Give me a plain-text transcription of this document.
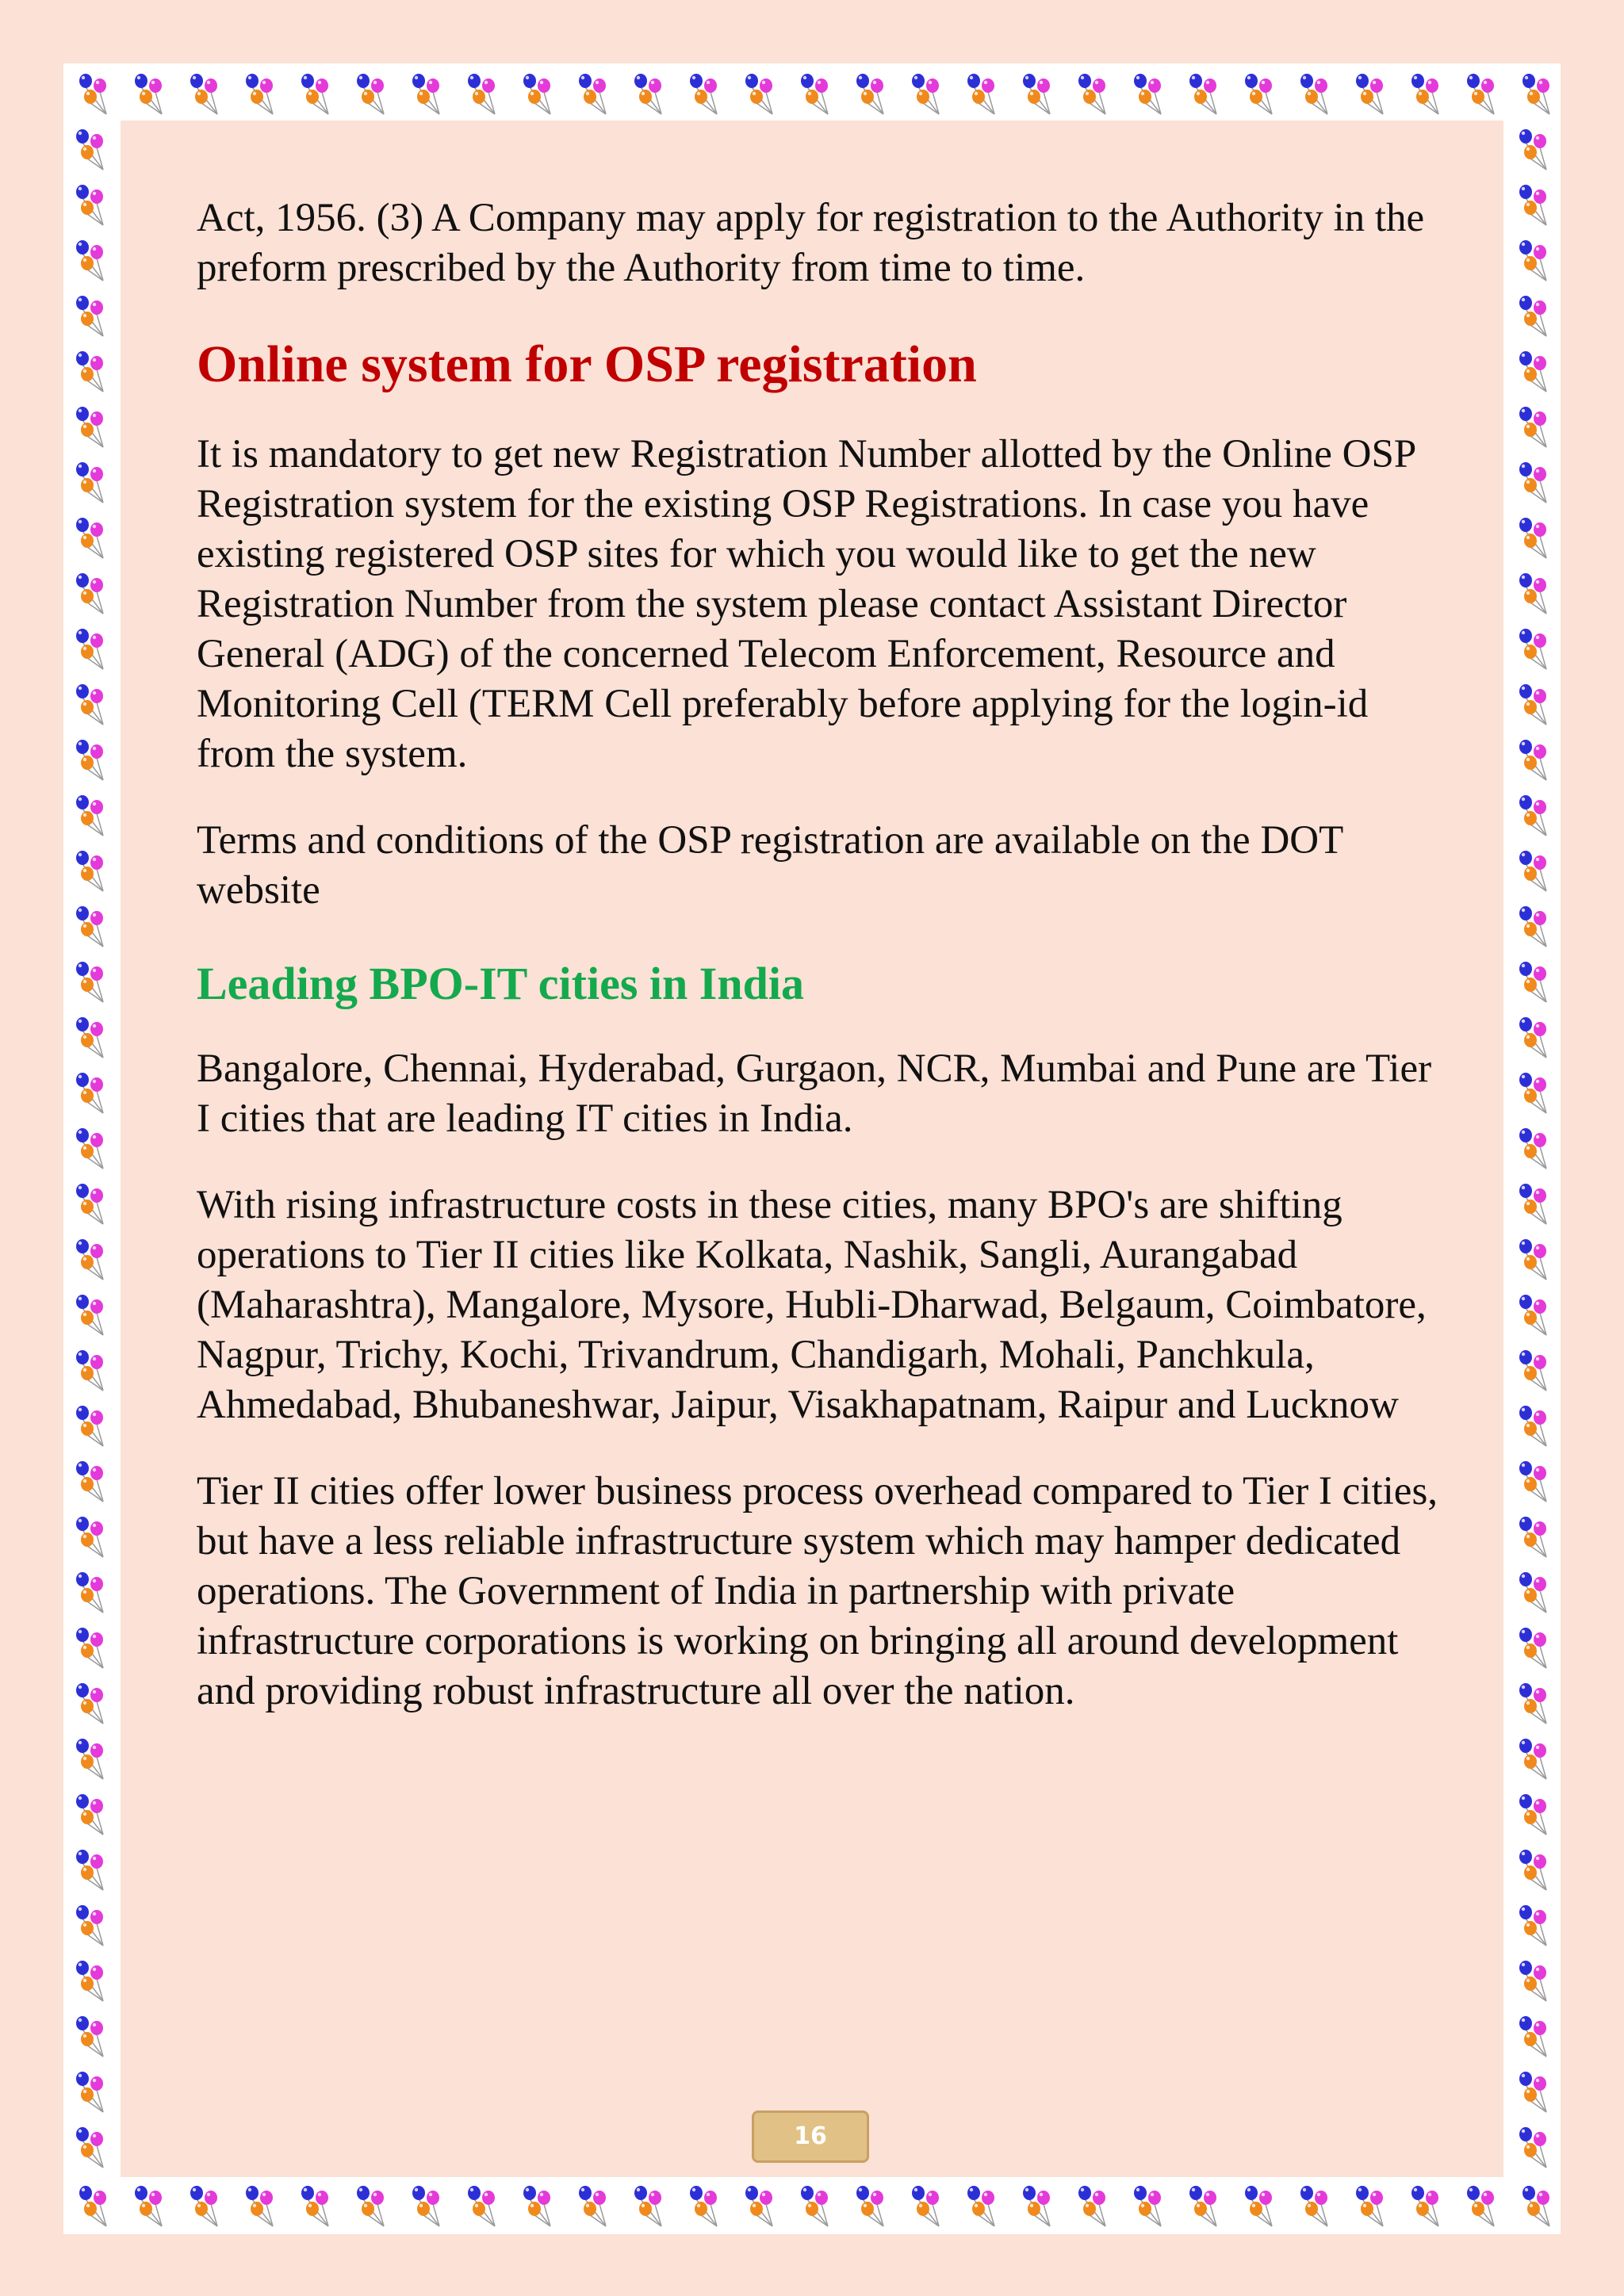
Act, 1956. (3) A Company may apply for registration to the Authority in the preform prescribed by the Authority from time to time.

Online system for OSP registration

It is mandatory to get new Registration Number allotted by the Online OSP Registration system for the existing OSP Registrations. In case you have existing registered OSP sites for which you would like to get the new Registration Number from the system please contact Assistant Director General (ADG) of the concerned Telecom Enforcement, Resource and Monitoring Cell (TERM Cell preferably before applying for the login-id from the system.

Terms and conditions of the OSP registration are available on the DOT website

Leading BPO-IT cities in India

Bangalore, Chennai, Hyderabad, Gurgaon, NCR, Mumbai and Pune are Tier I cities that are leading IT cities in India.

With rising infrastructure costs in these cities, many BPO's are shifting operations to Tier II cities like Kolkata, Nashik, Sangli, Aurangabad (Maharashtra), Mangalore, Mysore, Hubli-Dharwad, Belgaum, Coimbatore, Nagpur, Trichy, Kochi, Trivandrum, Chandigarh, Mohali, Panchkula, Ahmedabad, Bhubaneshwar, Jaipur, Visakhapatnam, Raipur and Lucknow

Tier II cities offer lower business process overhead compared to Tier I cities, but have a less reliable infrastructure system which may hamper dedicated operations. The Government of India in partnership with private infrastructure corporations is working on bringing all around development and providing robust infrastructure all over the nation.

16
